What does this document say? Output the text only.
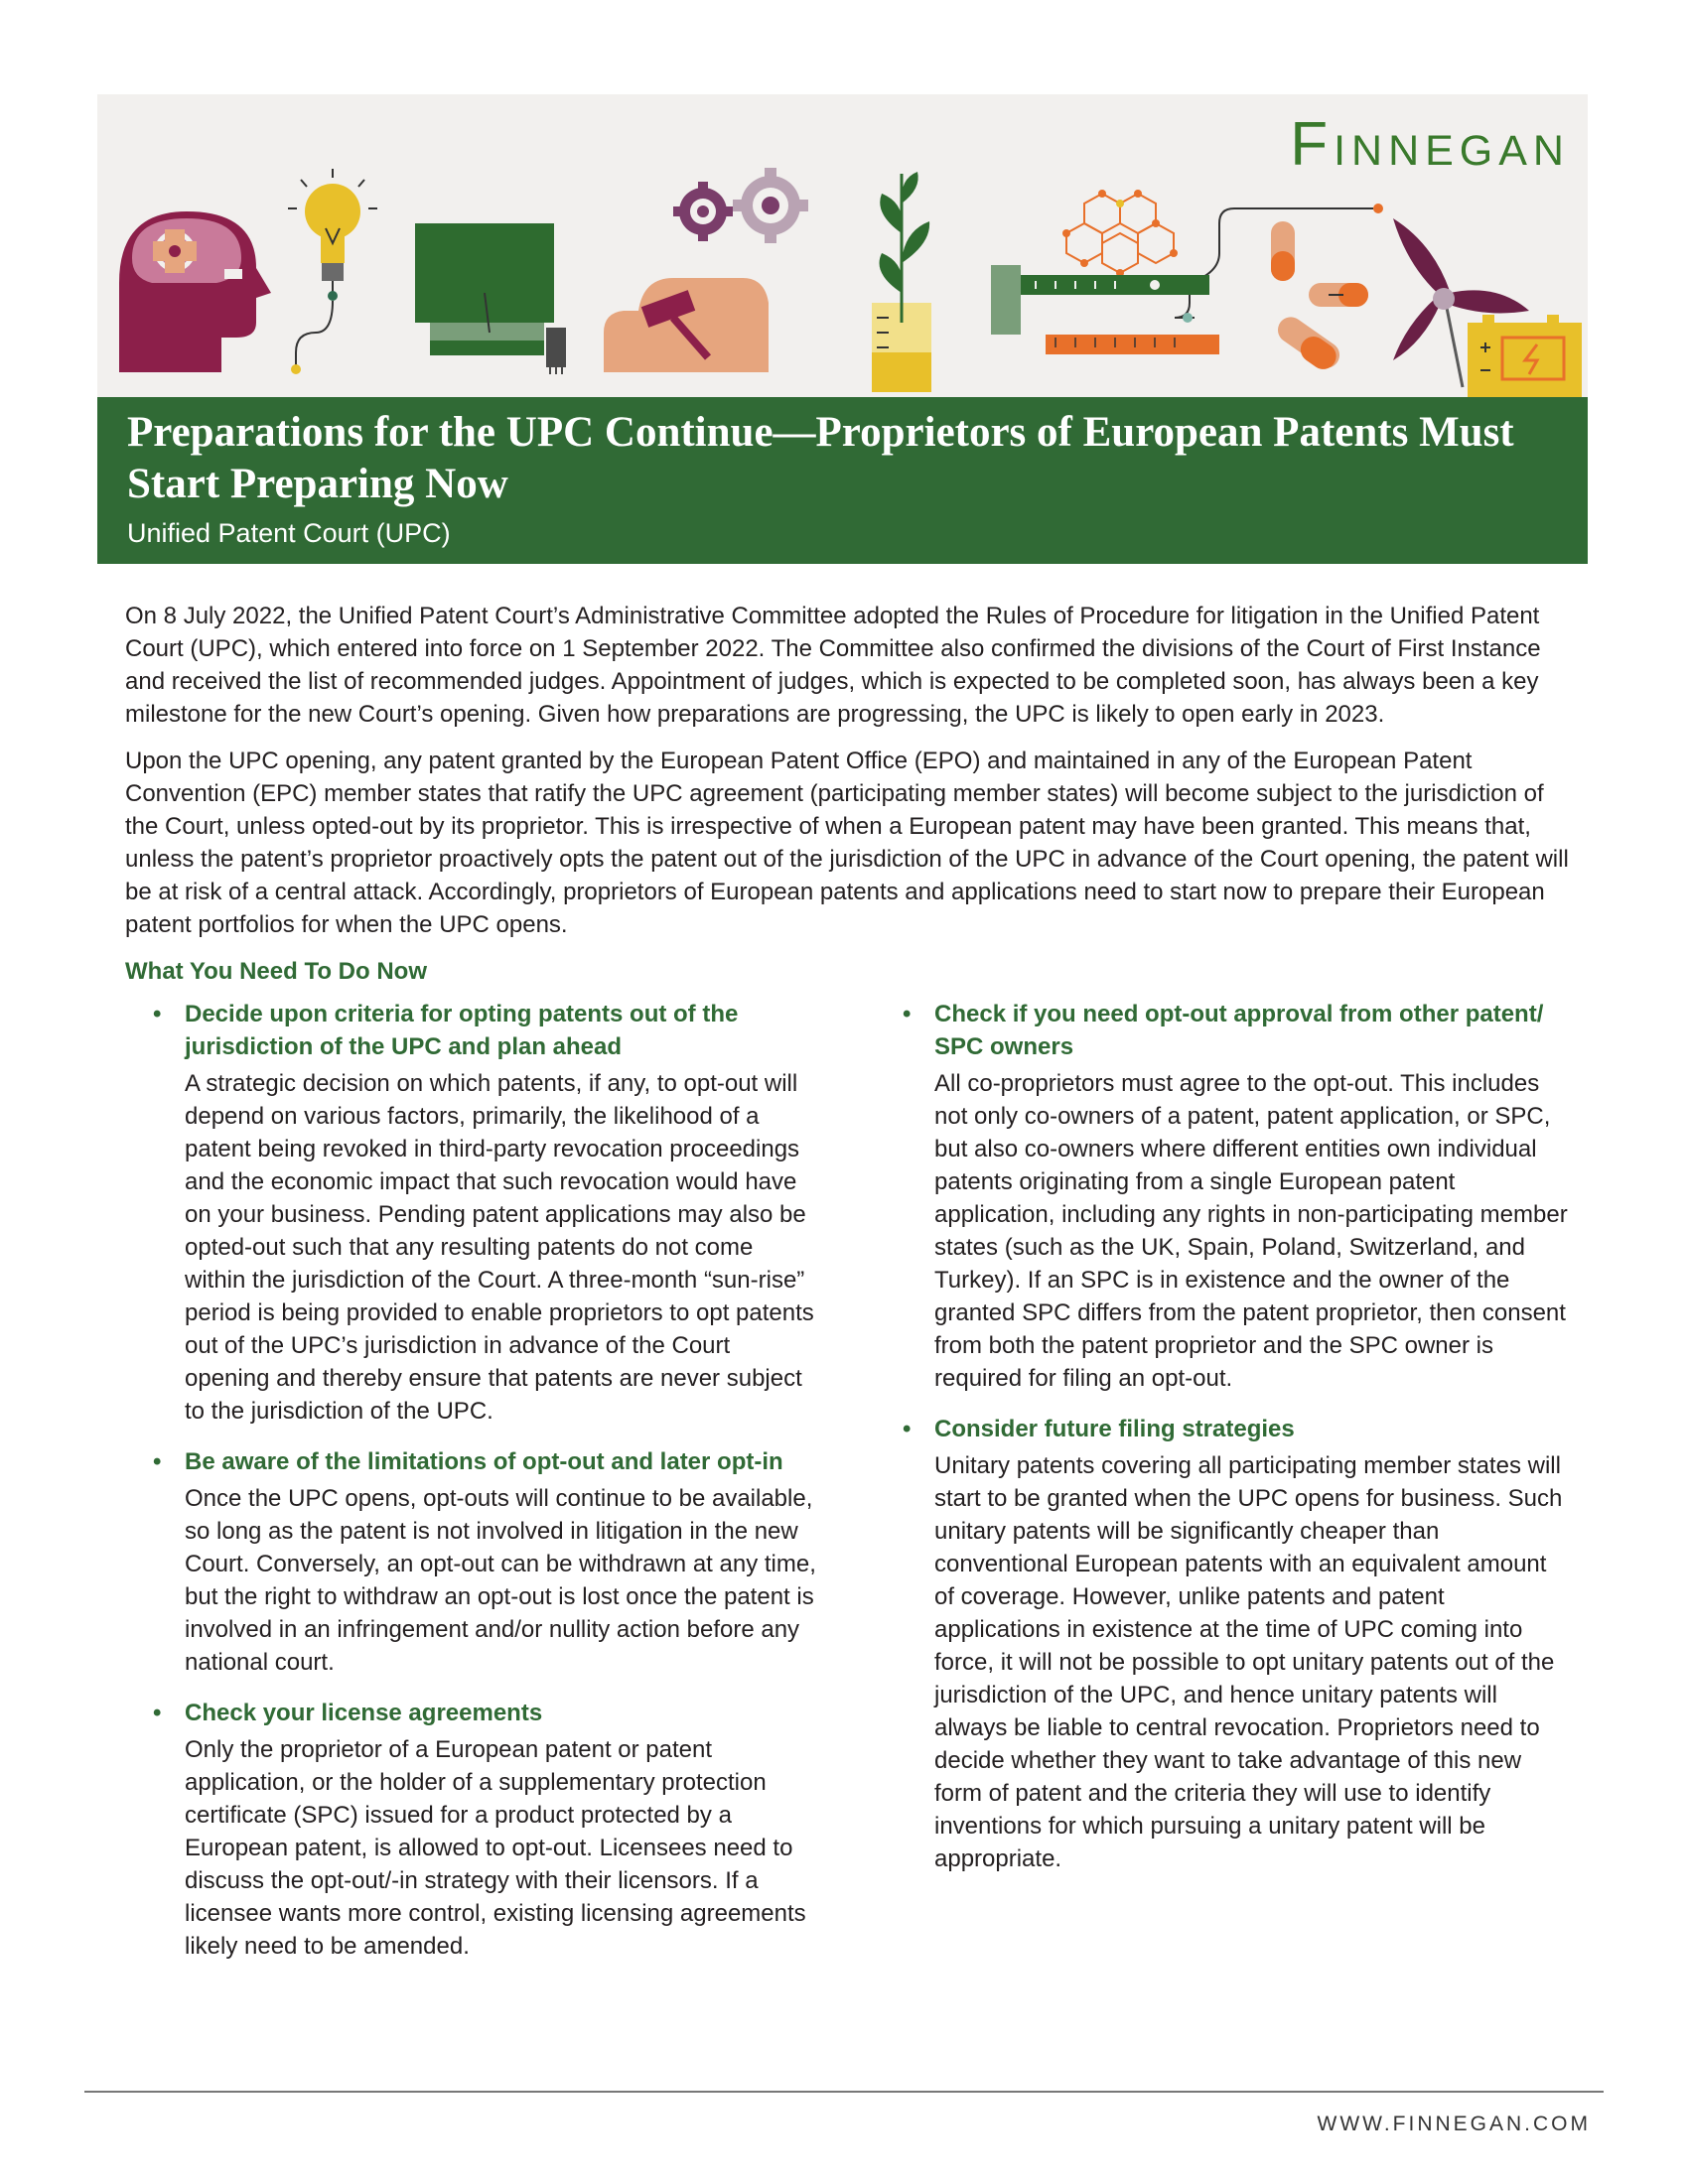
Finnegan
Preparations for the UPC Continue—Proprietors of European Patents Must Start Preparing Now
Unified Patent Court (UPC)

On 8 July 2022, the Unified Patent Court’s Administrative Committee adopted the Rules of Procedure for litigation in the Unified Patent Court (UPC), which entered into force on 1 September 2022. The Committee also confirmed the divisions of the Court of First Instance and received the list of recommended judges. Appointment of judges, which is expected to be completed soon, has always been a key milestone for the new Court’s opening. Given how preparations are progressing, the UPC is likely to open early in 2023.

Upon the UPC opening, any patent granted by the European Patent Office (EPO) and maintained in any of the European Patent Convention (EPC) member states that ratify the UPC agreement (participating member states) will become subject to the jurisdiction of the Court, unless opted-out by its proprietor. This is irrespective of when a European patent may have been granted. This means that, unless the patent’s proprietor proactively opts the patent out of the jurisdiction of the UPC in advance of the Court opening, the patent will be at risk of a central attack. Accordingly, proprietors of European patents and applications need to start now to prepare their European patent portfolios for when the UPC opens.

What You Need To Do Now
• Decide upon criteria for opting patents out of the jurisdiction of the UPC and plan ahead

A strategic decision on which patents, if any, to opt-out will depend on various factors, primarily, the likelihood of a patent being revoked in third-party revocation proceedings and the economic impact that such revocation would have on your business. Pending patent applications may also be opted-out such that any resulting patents do not come within the jurisdiction of the Court. A three-month “sun-rise” period is being provided to enable proprietors to opt patents out of the UPC’s jurisdiction in advance of the Court opening and thereby ensure that patents are never subject to the jurisdiction of the UPC.

• Be aware of the limitations of opt-out and later opt-in

Once the UPC opens, opt-outs will continue to be available, so long as the patent is not involved in litigation in the new Court. Conversely, an opt-out can be withdrawn at any time, but the right to withdraw an opt-out is lost once the patent is involved in an infringement and/or nullity action before any national court.

• Check your license agreements

Only the proprietor of a European patent or patent application, or the holder of a supplementary protection certificate (SPC) issued for a product protected by a European patent, is allowed to opt-out. Licensees need to discuss the opt-out/-in strategy with their licensors. If a licensee wants more control, existing licensing agreements likely need to be amended.

• Check if you need opt-out approval from other patent/ SPC owners

All co-proprietors must agree to the opt-out. This includes not only co-owners of a patent, patent application, or SPC, but also co-owners where different entities own individual patents originating from a single European patent application, including any rights in non-participating member states (such as the UK, Spain, Poland, Switzerland, and Turkey). If an SPC is in existence and the owner of the granted SPC differs from the patent proprietor, then consent from both the patent proprietor and the SPC owner is required for filing an opt-out.

• Consider future filing strategies

Unitary patents covering all participating member states will start to be granted when the UPC opens for business. Such unitary patents will be significantly cheaper than conventional European patents with an equivalent amount of coverage. However, unlike patents and patent applications in existence at the time of UPC coming into force, it will not be possible to opt unitary patents out of the jurisdiction of the UPC, and hence unitary patents will always be liable to central revocation. Proprietors need to decide whether they want to take advantage of this new form of patent and the criteria they will use to identify inventions for which pursuing a unitary patent will be appropriate.

WWW.FINNEGAN.COM
